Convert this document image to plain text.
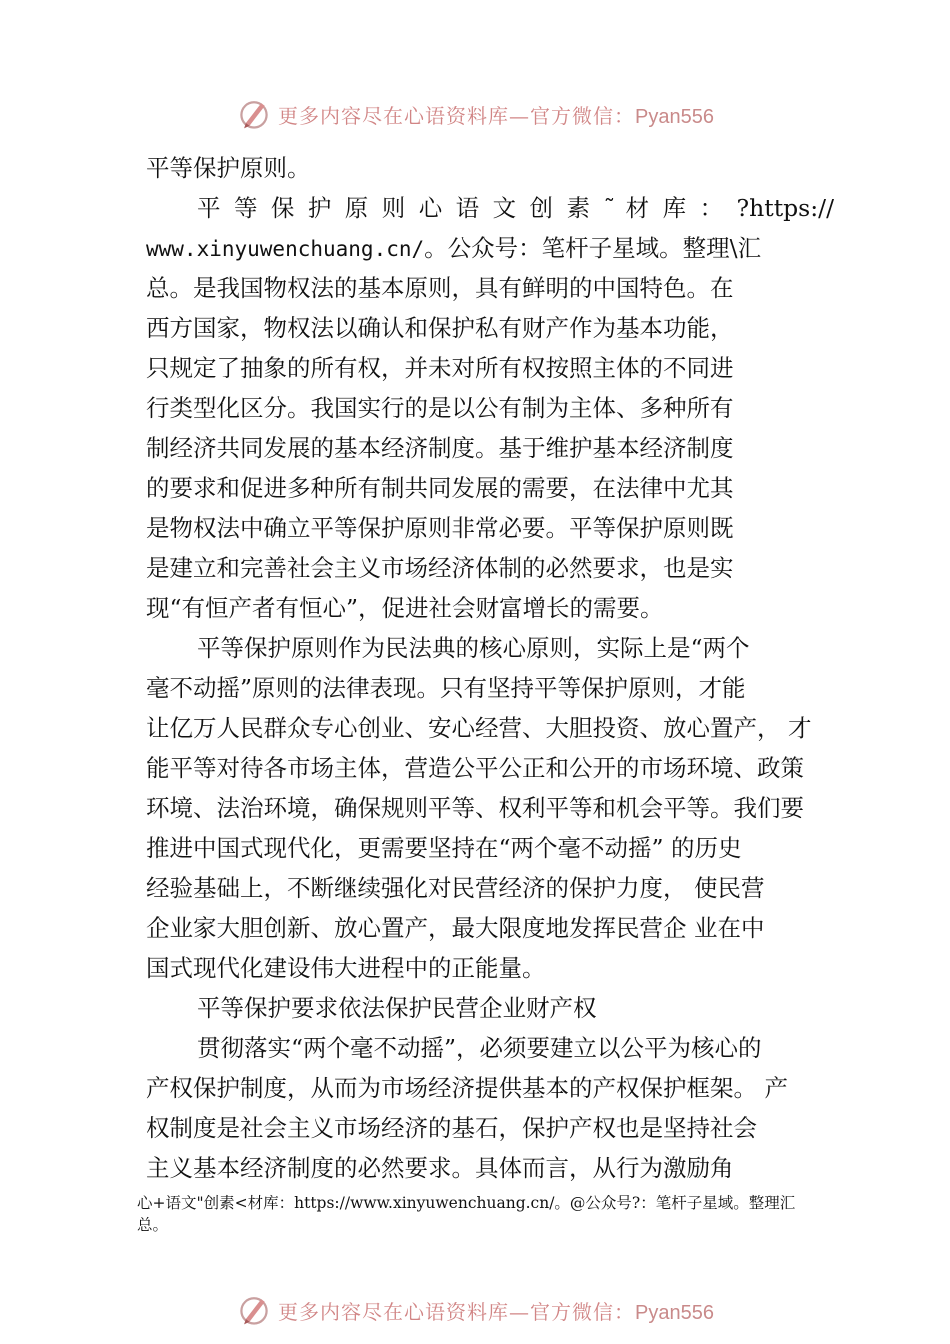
更多内容尽在心语资料库—官方微信：Pyan556
平等保护原则。
平 等 保 护 原 则 心 语 文 创 素 ˜ 材 库 ： ?https://
www.xinyuwenchuang.cn/。公众号：笔杆子星域。整理\汇
总。是我国物权法的基本原则，具有鲜明的中国特色。在
西方国家，物权法以确认和保护私有财产作为基本功能，
只规定了抽象的所有权，并未对所有权按照主体的不同进
行类型化区分。我国实行的是以公有制为主体、多种所有
制经济共同发展的基本经济制度。基于维护基本经济制度
的要求和促进多种所有制共同发展的需要，在法律中尤其
是物权法中确立平等保护原则非常必要。平等保护原则既
是建立和完善社会主义市场经济体制的必然要求，也是实
现“有恒产者有恒心”，促进社会财富增长的需要。
平等保护原则作为民法典的核心原则，实际上是“两个
毫不动摇”原则的法律表现。只有坚持平等保护原则，才能
让亿万人民群众专心创业、安心经营、大胆投资、放心置产， 才
能平等对待各市场主体，营造公平公正和公开的市场环境、政策
环境、法治环境，确保规则平等、权利平等和机会平等。我们要
推进中国式现代化，更需要坚持在“两个毫不动摇” 的历史
经验基础上，不断继续强化对民营经济的保护力度， 使民营
企业家大胆创新、放心置产，最大限度地发挥民营企 业在中
国式现代化建设伟大进程中的正能量。
平等保护要求依法保护民营企业财产权
贯彻落实“两个毫不动摇”，必须要建立以公平为核心的
产权保护制度，从而为市场经济提供基本的产权保护框架。 产
权制度是社会主义市场经济的基石，保护产权也是坚持社会
主义基本经济制度的必然要求。具体而言，从行为激励角
心+语文"创素<材库：https://www.xinyuwenchuang.cn/。@公众号?：笔杆子星域。整理汇
总。
更多内容尽在心语资料库—官方微信：Pyan556
